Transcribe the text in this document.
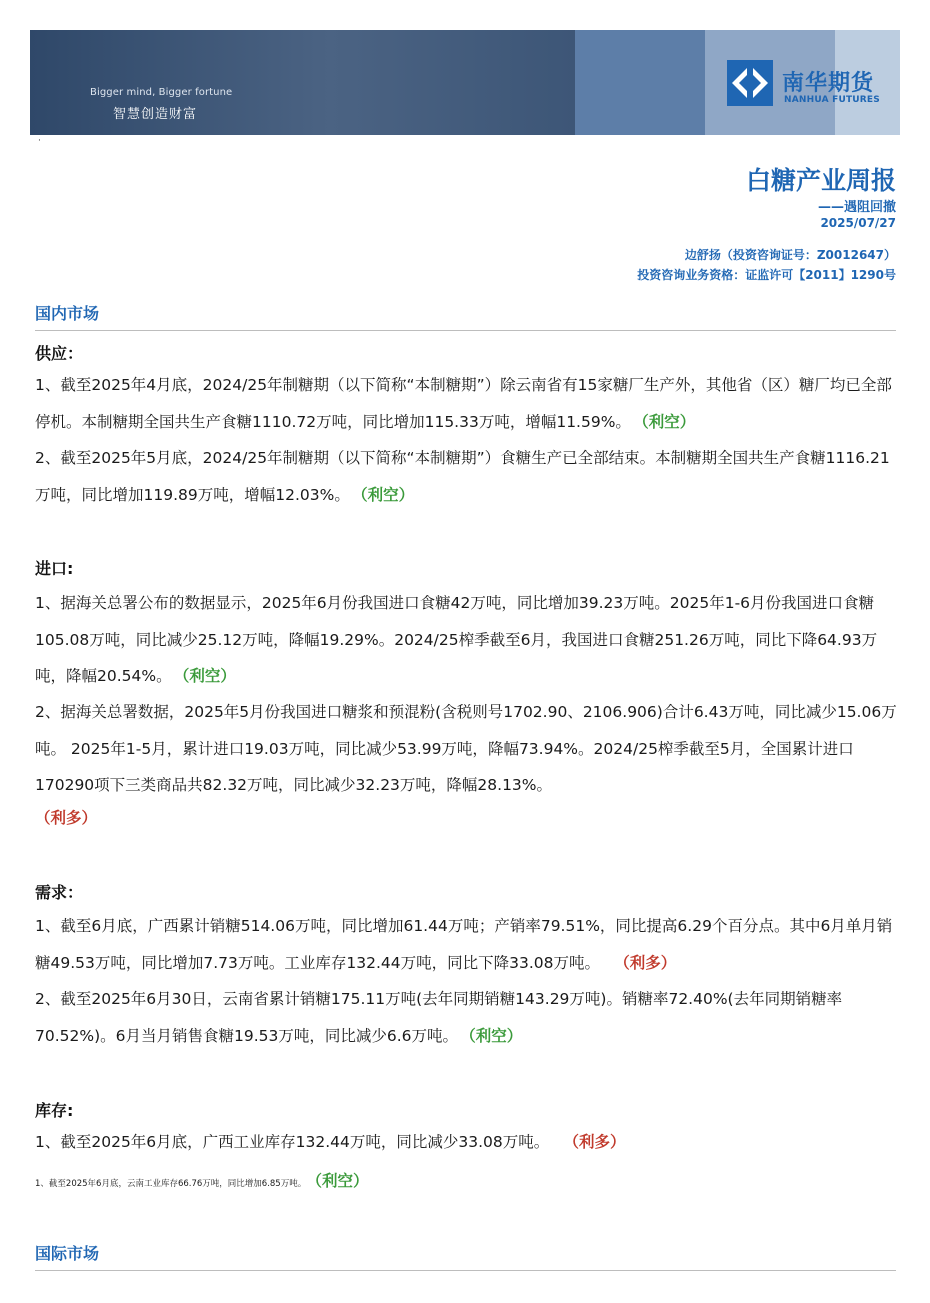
Bigger mind, Bigger fortune
智慧创造财富
南华期货
NANHUA FUTURES
·
白糖产业周报
——遇阻回撤
2025/07/27
边舒扬（投资咨询证号：Z0012647）
投资咨询业务资格：证监许可【2011】1290号
国内市场
供应：
1、截至2025年4月底，2024/25年制糖期（以下简称“本制糖期”）除云南省有15家糖厂生产外，其他省（区）糖厂均已全部停机。本制糖期全国共生产食糖1110.72万吨，同比增加115.33万吨，增幅11.59%。 （利空）
2、截至2025年5月底，2024/25年制糖期（以下简称“本制糖期”）食糖生产已全部结束。本制糖期全国共生产食糖1116.21万吨，同比增加119.89万吨，增幅12.03%。 （利空）
进口:
1、据海关总署公布的数据显示，2025年6月份我国进口食糖42万吨，同比增加39.23万吨。2025年1-6月份我国进口食糖105.08万吨，同比减少25.12万吨，降幅19.29%。2024/25榨季截至6月，我国进口食糖251.26万吨，同比下降64.93万吨，降幅20.54%。 （利空）
2、据海关总署数据，2025年5月份我国进口糖浆和预混粉(含税则号1702.90、2106.906)合计6.43万吨，同比减少15.06万吨。 2025年1-5月，累计进口19.03万吨，同比减少53.99万吨，降幅73.94%。2024/25榨季截至5月，全国累计进口170290项下三类商品共82.32万吨，同比减少32.23万吨，降幅28.13%。
（利多）
需求：
1、截至6月底，广西累计销糖514.06万吨，同比增加61.44万吨；产销率79.51%，同比提高6.29个百分点。其中6月单月销糖49.53万吨，同比增加7.73万吨。工业库存132.44万吨，同比下降33.08万吨。 （利多）
2、截至2025年6月30日，云南省累计销糖175.11万吨(去年同期销糖143.29万吨)。销糖率72.40%(去年同期销糖率70.52%)。6月当月销售食糖19.53万吨，同比减少6.6万吨。 （利空）
库存:
1、截至2025年6月底，广西工业库存132.44万吨，同比减少33.08万吨。 （利多）
1、截至2025年6月底，云南工业库存66.76万吨，同比增加6.85万吨。 （利空）
国际市场
